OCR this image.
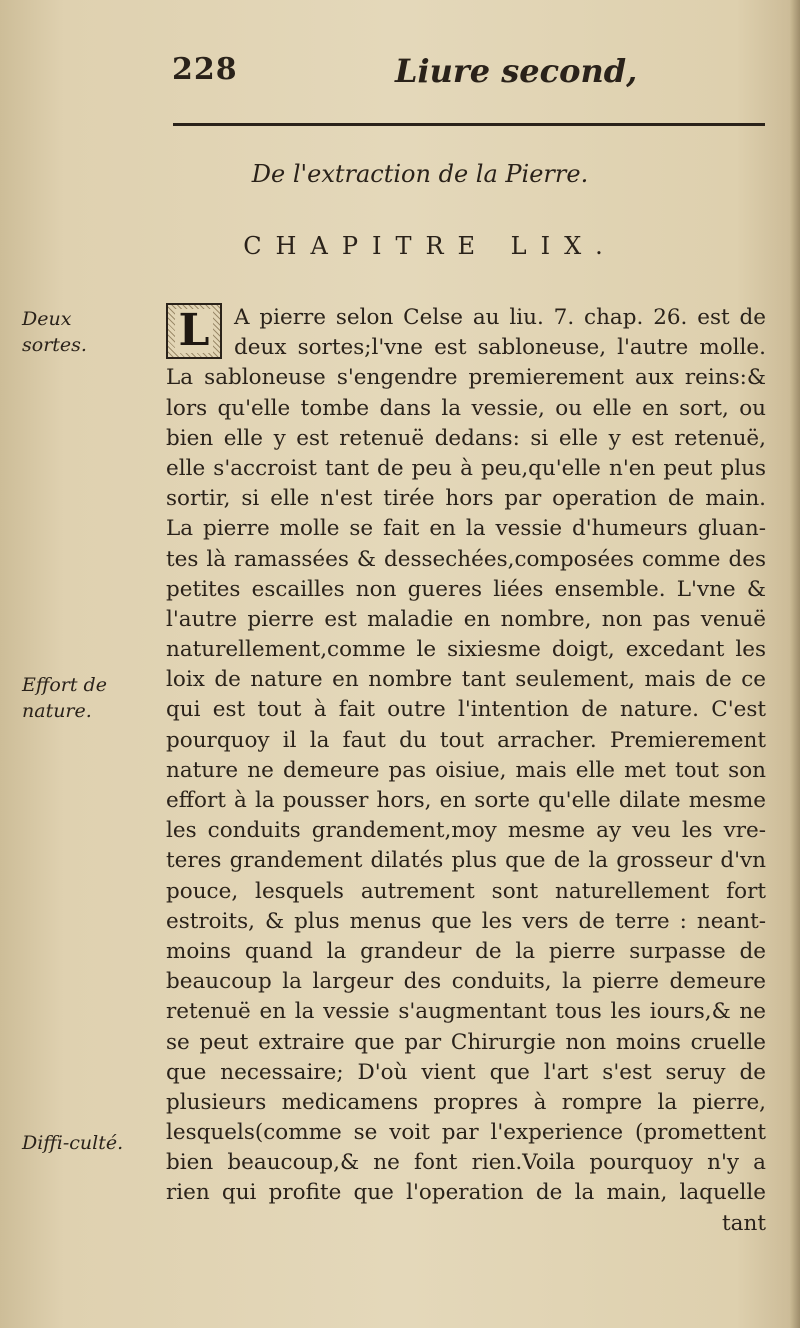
228	Liure second,
De l'extraction de la Pierre.
CHAPITRE LIX.
Deux sortes.
Effort de nature.
Diffi-culté.
A pierre selon Celse au liu. 7. chap. 26. est de
deux sortes;l'vne est sabloneuse, l'autre molle.
La sabloneuse s'engendre premierement aux reins:&
lors qu'elle tombe dans la vessie, ou elle en sort, ou
bien elle y est retenuë dedans: si elle y est retenuë,
elle s'accroist tant de peu à peu,qu'elle n'en peut plus
sortir, si elle n'est tirée hors par operation de main.
La pierre molle se fait en la vessie d'humeurs gluan-
tes là ramassées & dessechées,composées comme des
petites escailles non gueres liées ensemble. L'vne &
l'autre pierre est maladie en nombre, non pas venuë
naturellement,comme le sixiesme doigt, excedant les
loix de nature en nombre tant seulement, mais de ce
qui est tout à fait outre l'intention de nature. C'est
pourquoy il la faut du tout arracher. Premierement
nature ne demeure pas oisiue, mais elle met tout son
effort à la pousser hors, en sorte qu'elle dilate mesme
les conduits grandement,moy mesme ay veu les vre-
teres grandement dilatés plus que de la grosseur d'vn
pouce, lesquels autrement sont naturellement fort
estroits, & plus menus que les vers de terre : neant-
moins quand la grandeur de la pierre surpasse de
beaucoup la largeur des conduits, la pierre demeure
retenuë en la vessie s'augmentant tous les iours,& ne
se peut extraire que par Chirurgie non moins cruelle
que necessaire; D'où vient que l'art s'est seruy de
plusieurs medicamens propres à rompre la pierre,
lesquels(comme se voit par l'experience (promettent
bien beaucoup,& ne font rien.Voila pourquoy n'y a
rien qui profite que l'operation de la main, laquelle
tant
L
